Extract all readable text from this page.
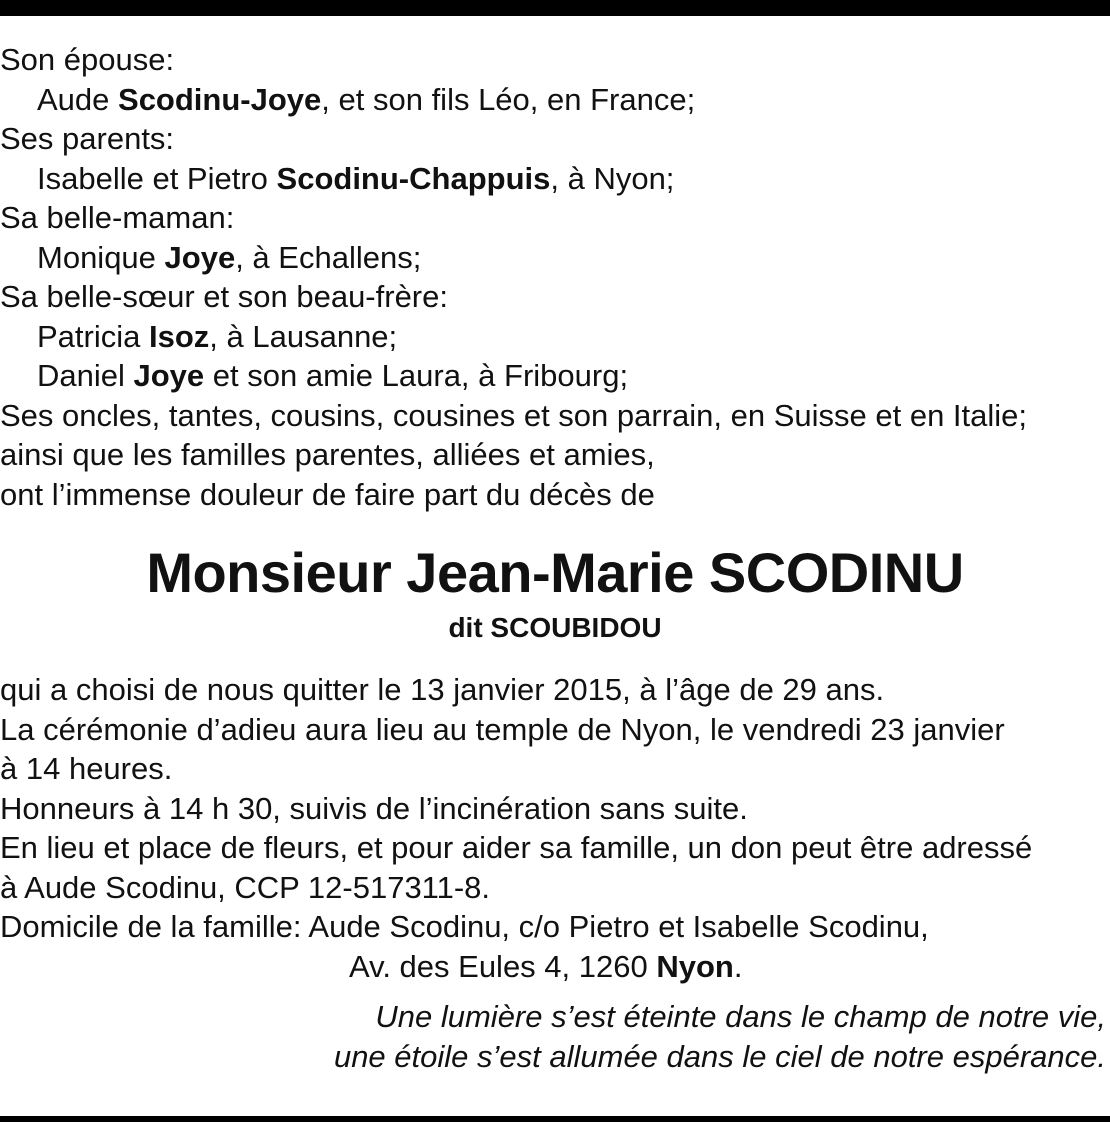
Son épouse:
Aude Scodinu-Joye, et son fils Léo, en France;
Ses parents:
Isabelle et Pietro Scodinu-Chappuis, à Nyon;
Sa belle-maman:
Monique Joye, à Echallens;
Sa belle-sœur et son beau-frère:
Patricia Isoz, à Lausanne;
Daniel Joye et son amie Laura, à Fribourg;
Ses oncles, tantes, cousins, cousines et son parrain, en Suisse et en Italie;
ainsi que les familles parentes, alliées et amies,
ont l’immense douleur de faire part du décès de
Monsieur Jean-Marie SCODINU
dit SCOUBIDOU
qui a choisi de nous quitter le 13 janvier 2015, à l’âge de 29 ans.
La cérémonie d’adieu aura lieu au temple de Nyon, le vendredi 23 janvier
à 14 heures.
Honneurs à 14 h 30, suivis de l’incinération sans suite.
En lieu et place de fleurs, et pour aider sa famille, un don peut être adressé
à Aude Scodinu, CCP 12-517311-8.
Domicile de la famille: Aude Scodinu, c/o Pietro et Isabelle Scodinu,
Av. des Eules 4, 1260 Nyon.
Une lumière s’est éteinte dans le champ de notre vie,
une étoile s’est allumée dans le ciel de notre espérance.
